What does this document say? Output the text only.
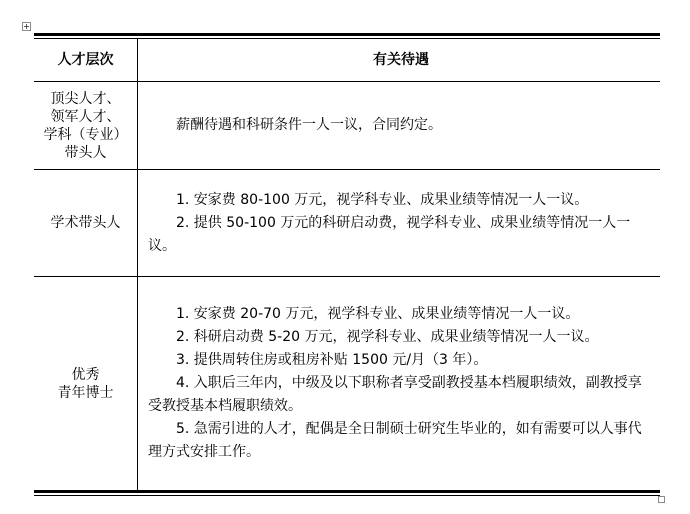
人才层次	有关待遇
顶尖人才、
领军人才、
学科（专业）
带头人
薪酬待遇和科研条件一人一议，合同约定。
学术带头人
1. 安家费 80-100 万元，视学科专业、成果业绩等情况一人一议。
2. 提供 50-100 万元的科研启动费，视学科专业、成果业绩等情况一人一议。
优秀
青年博士
1. 安家费 20-70 万元，视学科专业、成果业绩等情况一人一议。
2. 科研启动费 5-20 万元，视学科专业、成果业绩等情况一人一议。
3. 提供周转住房或租房补贴 1500 元/月（3 年）。
4. 入职后三年内，中级及以下职称者享受副教授基本档履职绩效，副教授享受教授基本档履职绩效。
5. 急需引进的人才，配偶是全日制硕士研究生毕业的，如有需要可以人事代理方式安排工作。
